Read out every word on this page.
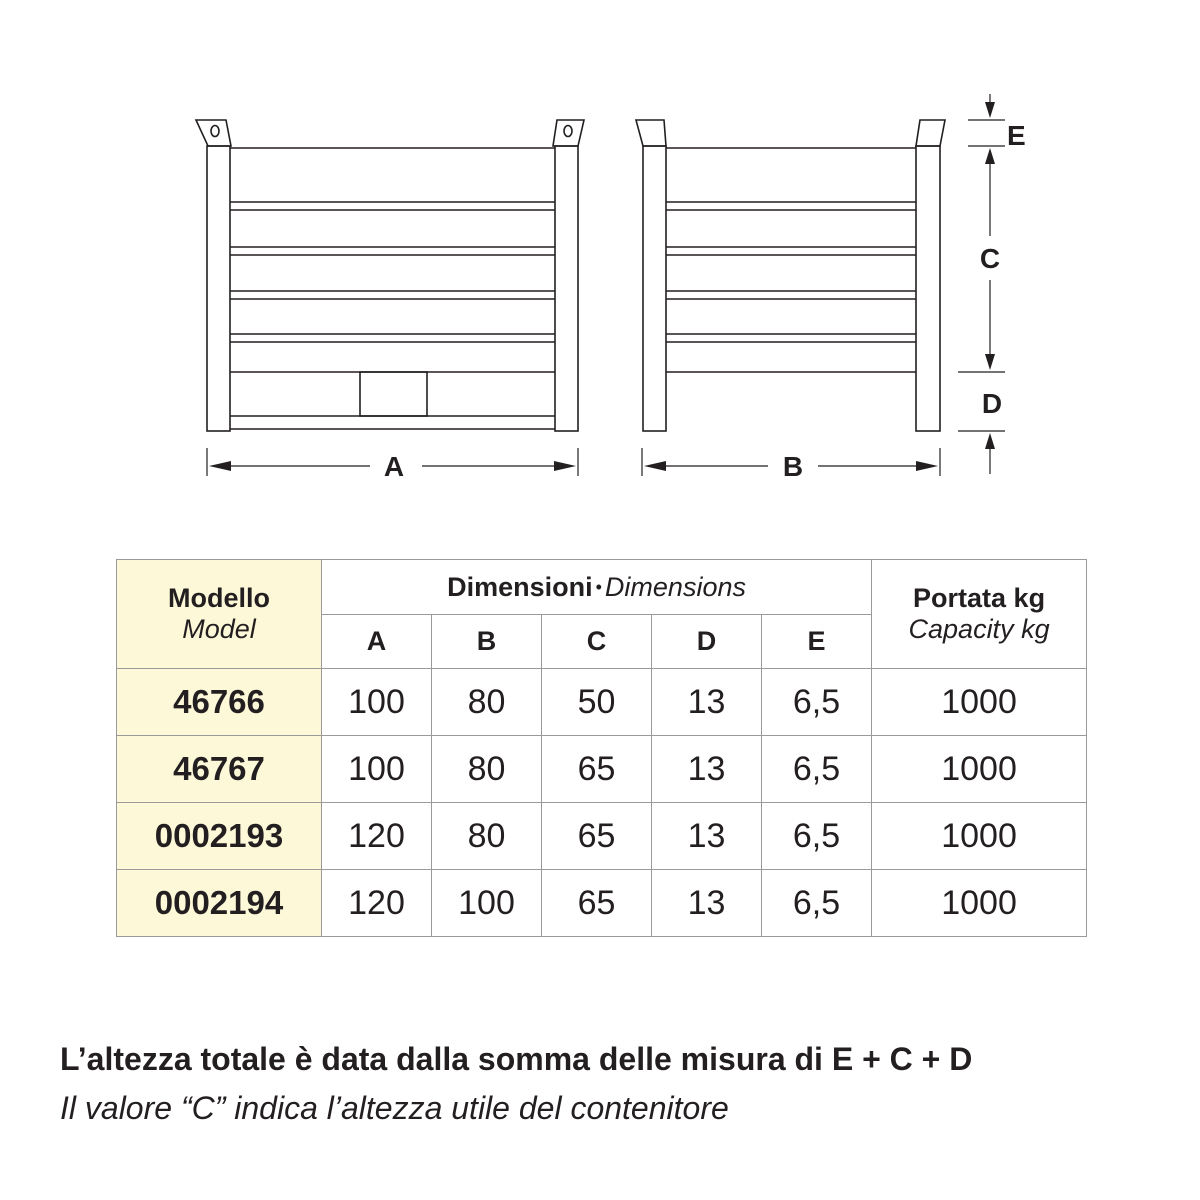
A	B
E
C
D
Modello
Model	Dimensioni • Dimensions					Portata kg
Capacity kg

	A	B	C	D	E	
46766	100	80	50	13	6,5	1000
46767	100	80	65	13	6,5	1000
0002193	120	80	65	13	6,5	1000
0002194	120	100	65	13	6,5	1000
L’altezza totale è data dalla somma delle misura di E + C + D
Il valore “C” indica l’altezza utile del contenitore
